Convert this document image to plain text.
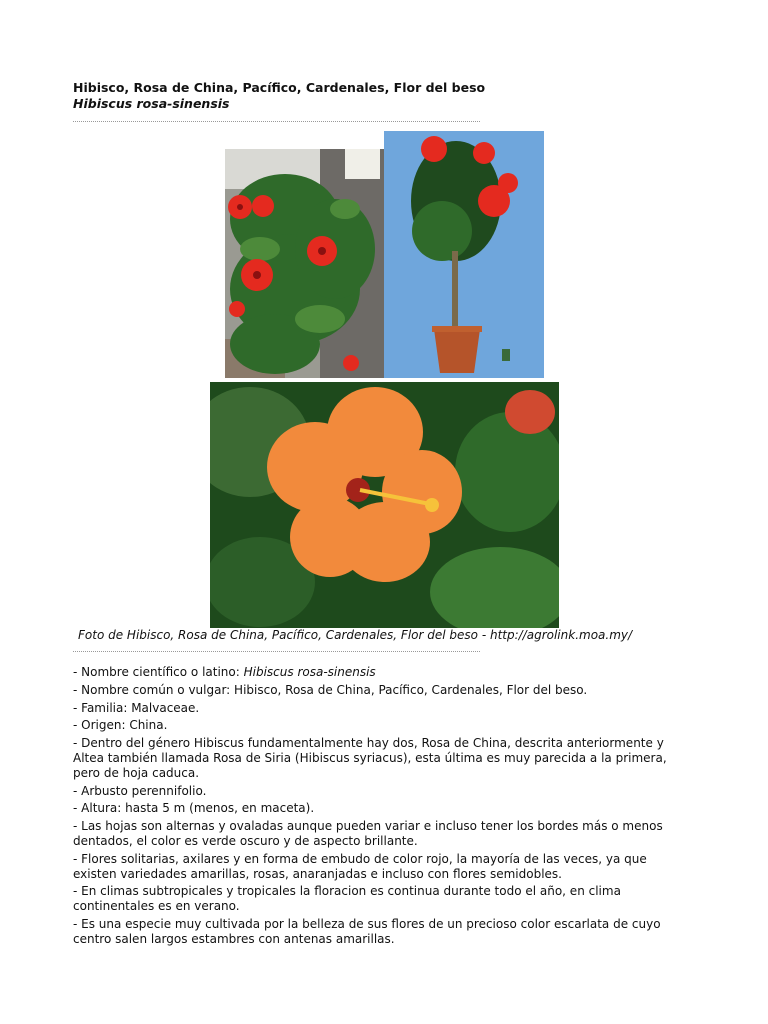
Hibisco, Rosa de China, Pacífico, Cardenales, Flor del beso

Hibiscus rosa-sinensis

Foto de Hibisco, Rosa de China, Pacífico, Cardenales, Flor del beso - http://agrolink.moa.my/
- Nombre científico o latino: Hibiscus rosa-sinensis
- Nombre común o vulgar: Hibisco, Rosa de China, Pacífico, Cardenales, Flor del beso.
- Familia: Malvaceae.
- Origen: China.
- Dentro del género Hibiscus fundamentalmente hay dos, Rosa de China, descrita anteriormente y Altea también llamada Rosa de Siria (Hibiscus syriacus), esta última es muy parecida a la primera, pero de hoja caduca.
- Arbusto perennifolio.
- Altura: hasta 5 m (menos, en maceta).
- Las hojas son alternas y ovaladas aunque pueden variar e incluso tener los bordes más o menos dentados, el color es verde oscuro y de aspecto brillante.
- Flores solitarias, axilares y en forma de embudo de color rojo, la mayoría de las veces, ya que existen variedades amarillas, rosas, anaranjadas e incluso con flores semidobles.
- En climas subtropicales y tropicales la floracion es continua durante todo el año, en clima continentales es en verano.
- Es una especie muy cultivada por la belleza de sus flores de un precioso color escarlata de cuyo centro salen largos estambres con antenas amarillas.
